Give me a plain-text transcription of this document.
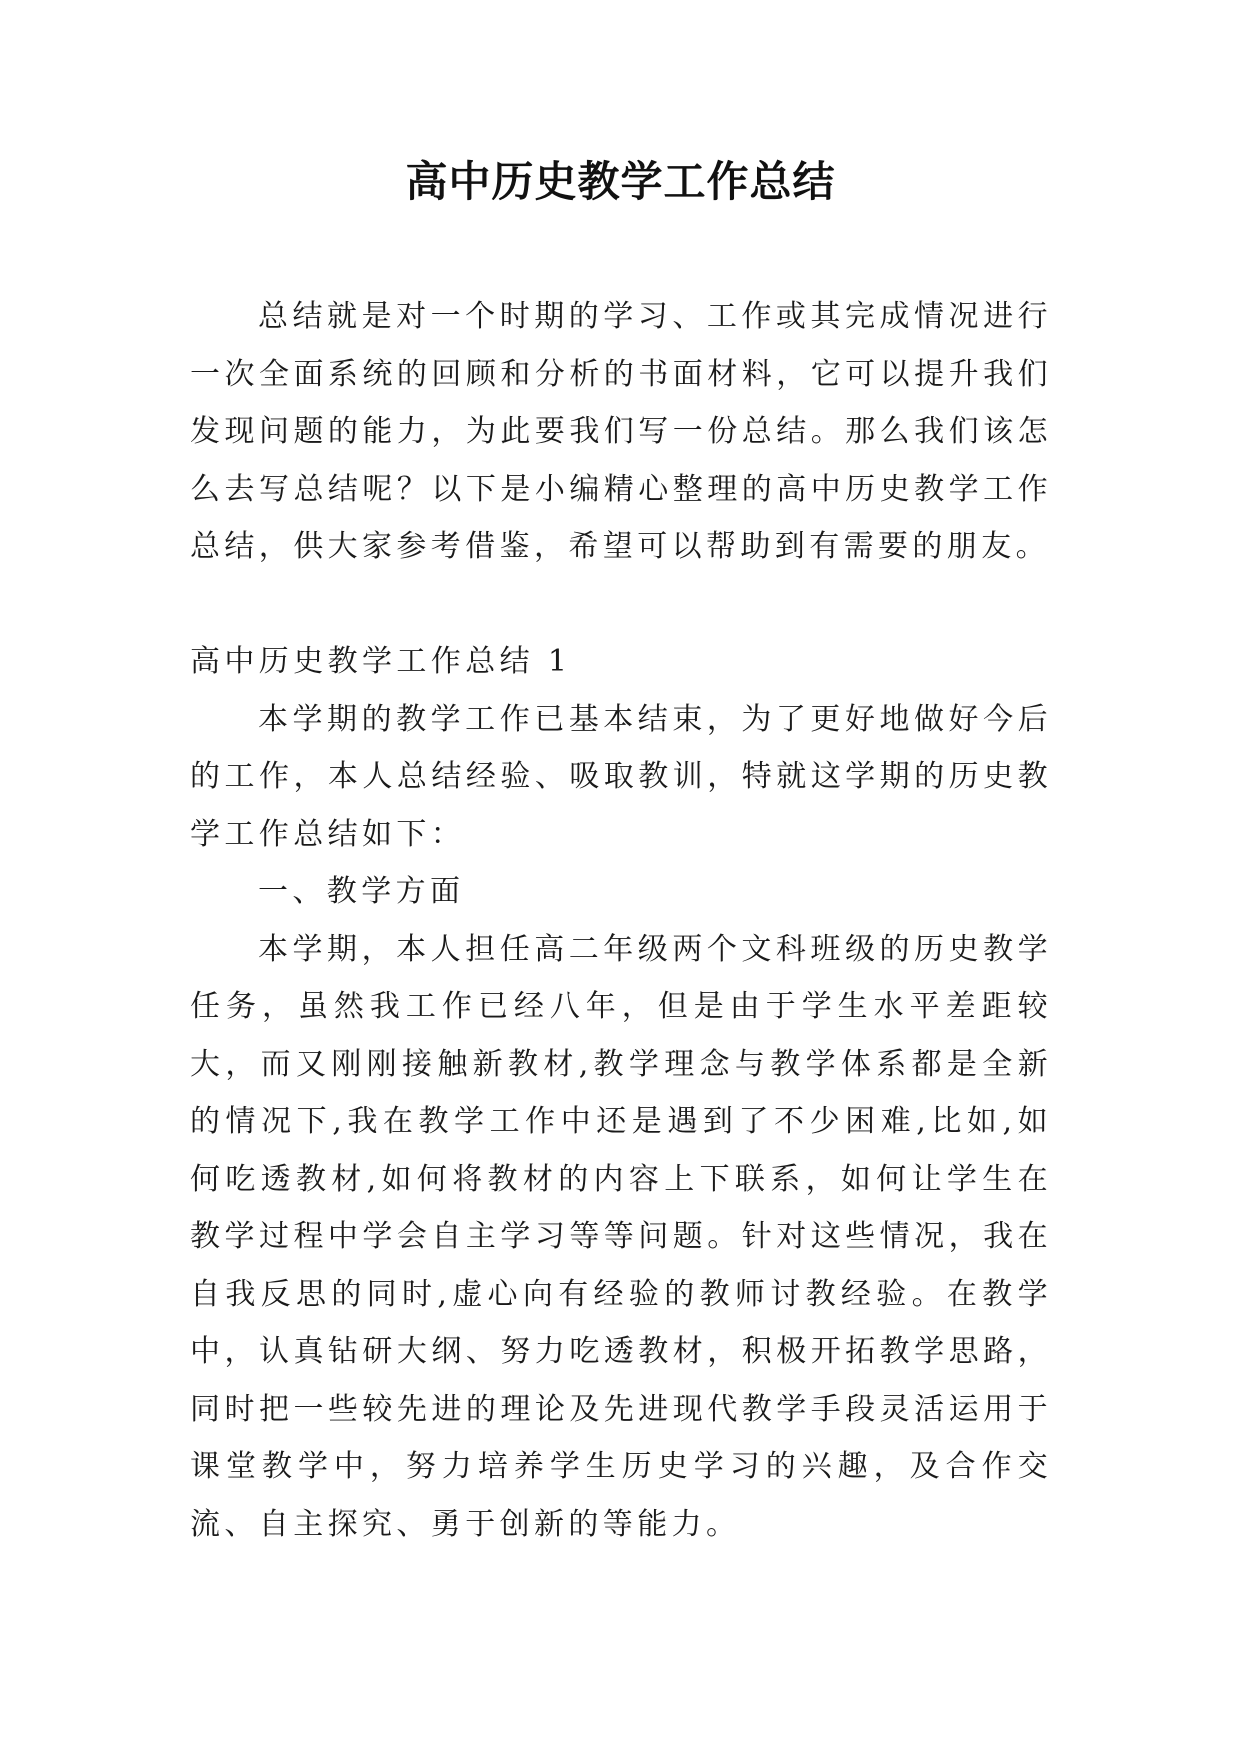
高中历史教学工作总结

总结就是对一个时期的学习、工作或其完成情况进行一次全面系统的回顾和分析的书面材料，它可以提升我们发现问题的能力，为此要我们写一份总结。那么我们该怎么去写总结呢？以下是小编精心整理的高中历史教学工作总结，供大家参考借鉴，希望可以帮助到有需要的朋友。

高中历史教学工作总结 1

本学期的教学工作已基本结束，为了更好地做好今后的工作，本人总结经验、吸取教训，特就这学期的历史教学工作总结如下：

一、教学方面

本学期，本人担任高二年级两个文科班级的历史教学任务，虽然我工作已经八年，但是由于学生水平差距较大，而又刚刚接触新教材,教学理念与教学体系都是全新的情况下,我在教学工作中还是遇到了不少困难,比如,如何吃透教材,如何将教材的内容上下联系，如何让学生在教学过程中学会自主学习等等问题。针对这些情况，我在自我反思的同时,虚心向有经验的教师讨教经验。在教学中，认真钻研大纲、努力吃透教材，积极开拓教学思路，同时把一些较先进的理论及先进现代教学手段灵活运用于课堂教学中，努力培养学生历史学习的兴趣，及合作交流、自主探究、勇于创新的等能力。
